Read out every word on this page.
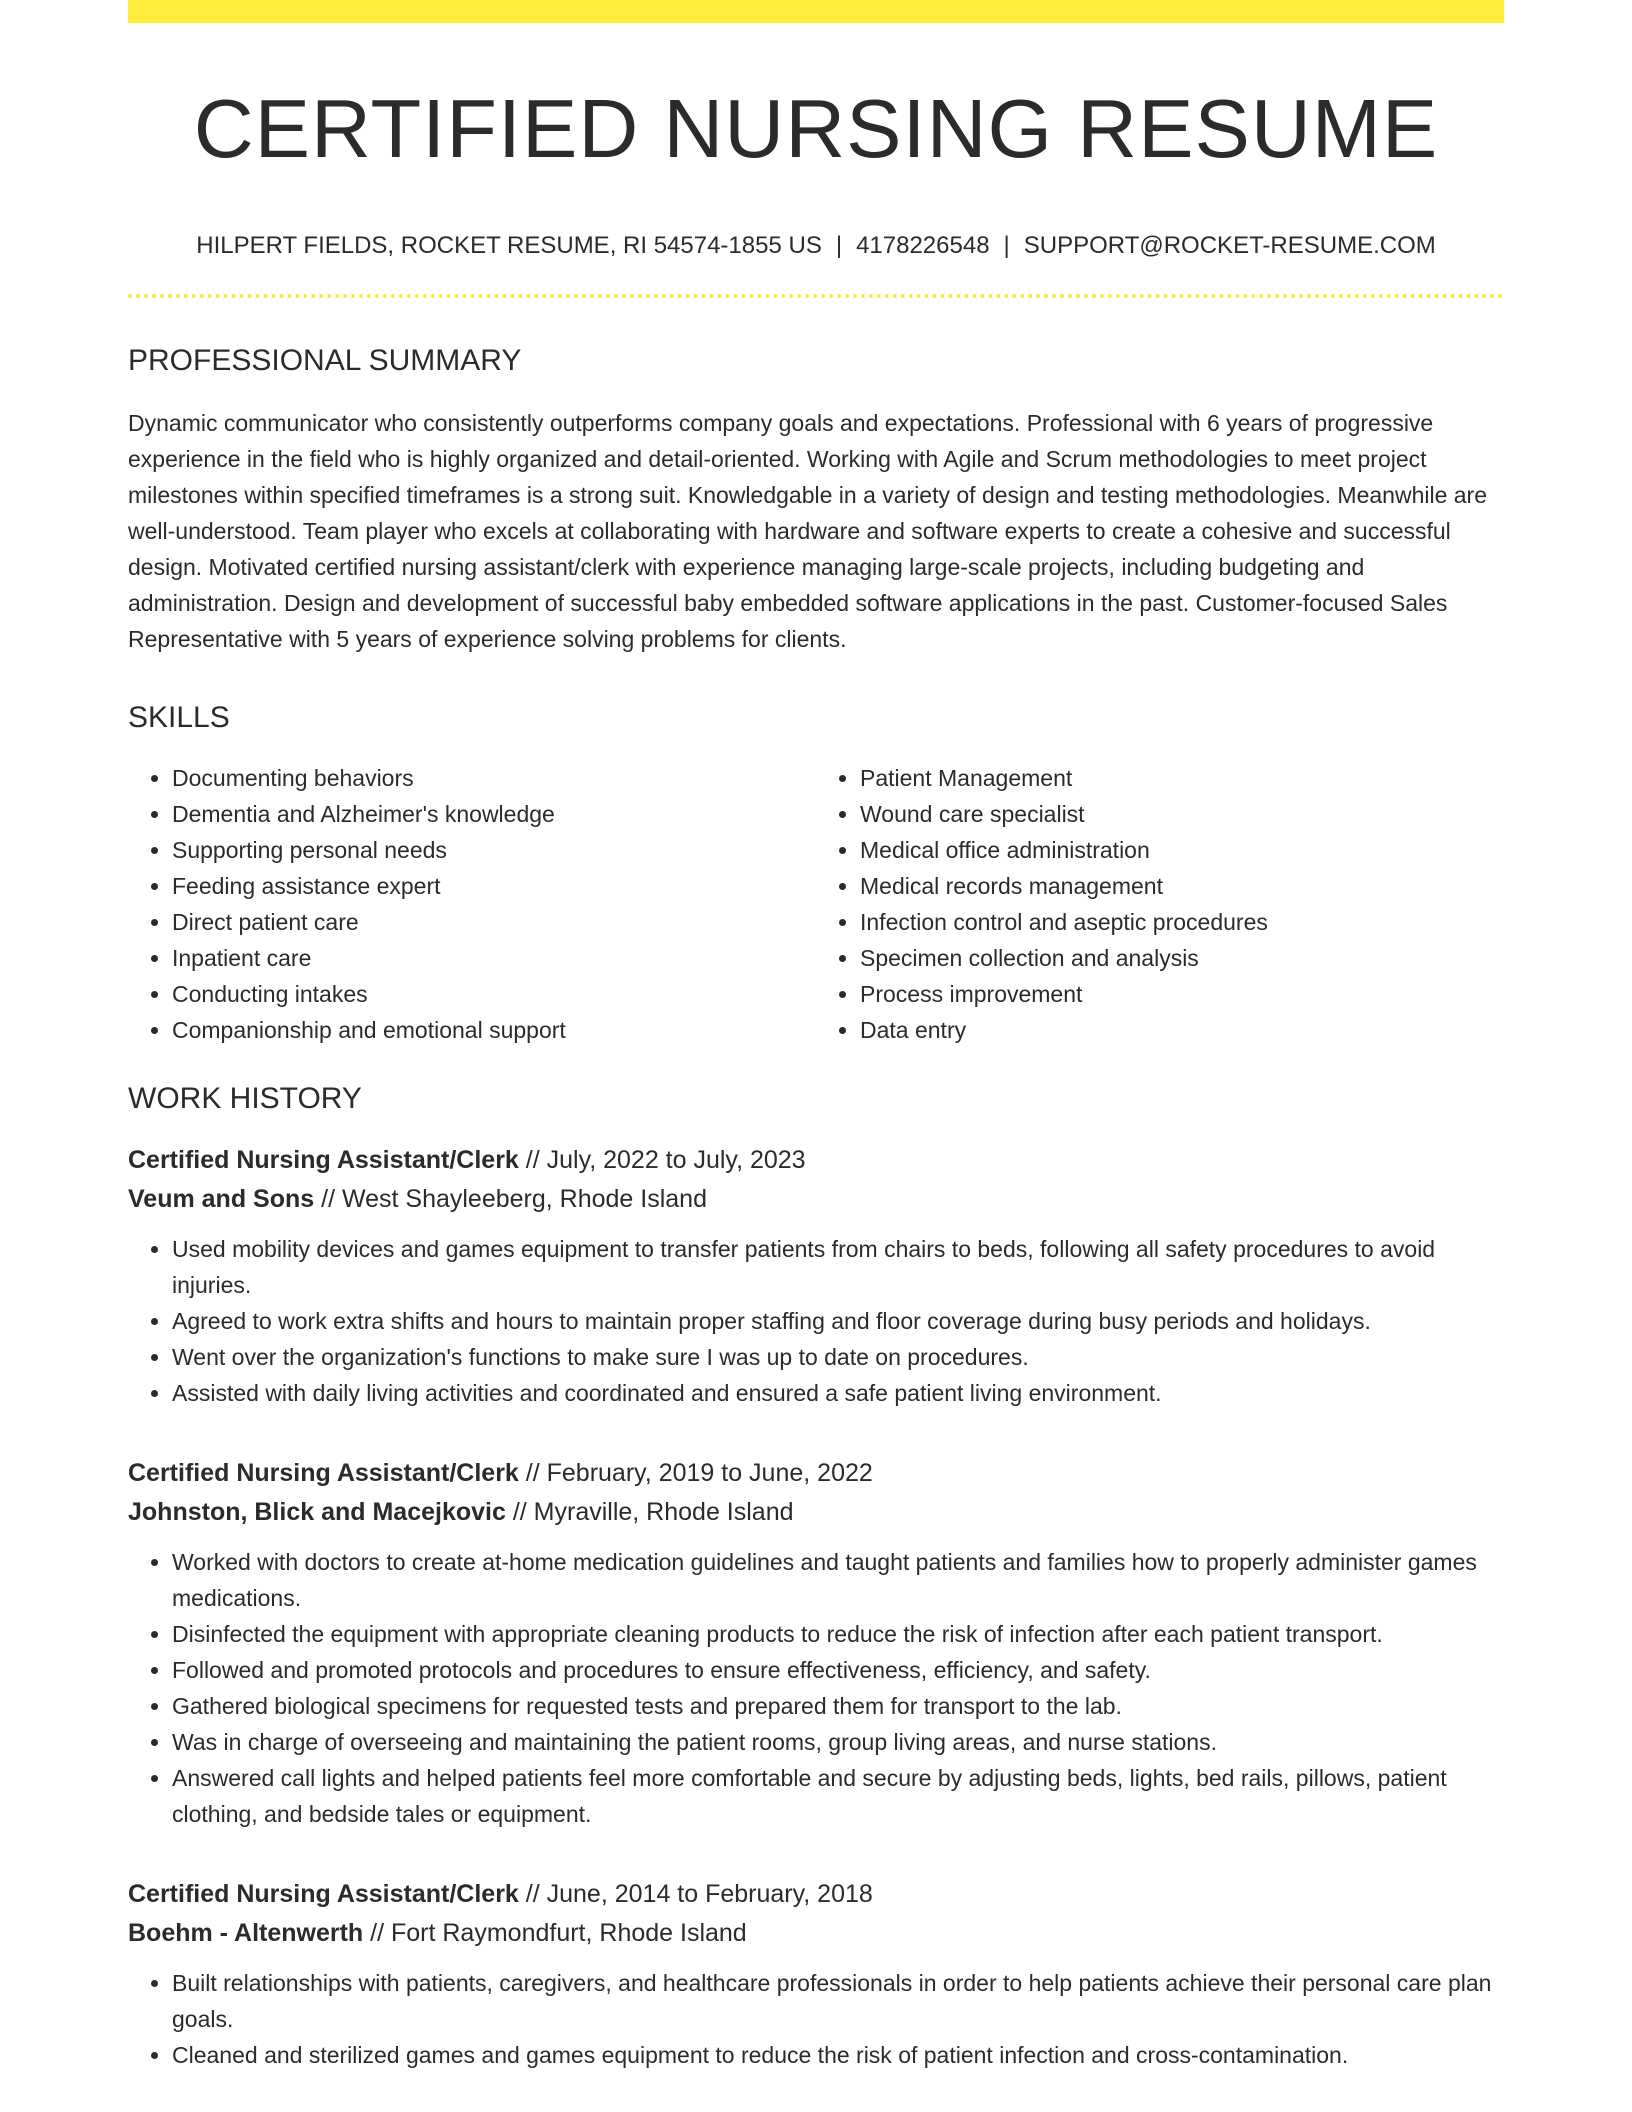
CERTIFIED NURSING RESUME
HILPERT FIELDS, ROCKET RESUME, RI 54574-1855 US | 4178226548 | SUPPORT@ROCKET-RESUME.COM
PROFESSIONAL SUMMARY

Dynamic communicator who consistently outperforms company goals and expectations. Professional with 6 years of progressive experience in the field who is highly organized and detail-oriented. Working with Agile and Scrum methodologies to meet project milestones within specified timeframes is a strong suit. Knowledgable in a variety of design and testing methodologies. Meanwhile are well-understood. Team player who excels at collaborating with hardware and software experts to create a cohesive and successful design. Motivated certified nursing assistant/clerk with experience managing large-scale projects, including budgeting and administration. Design and development of successful baby embedded software applications in the past. Customer-focused Sales Representative with 5 years of experience solving problems for clients.

SKILLS
• Documenting behaviors
• Dementia and Alzheimer's knowledge
• Supporting personal needs
• Feeding assistance expert
• Direct patient care
• Inpatient care
• Conducting intakes
• Companionship and emotional support
• Patient Management
• Wound care specialist
• Medical office administration
• Medical records management
• Infection control and aseptic procedures
• Specimen collection and analysis
• Process improvement
• Data entry
WORK HISTORY
Certified Nursing Assistant/Clerk // July, 2022 to July, 2023
Veum and Sons // West Shayleeberg, Rhode Island
• Used mobility devices and games equipment to transfer patients from chairs to beds, following all safety procedures to avoid injuries.
• Agreed to work extra shifts and hours to maintain proper staffing and floor coverage during busy periods and holidays.
• Went over the organization's functions to make sure I was up to date on procedures.
• Assisted with daily living activities and coordinated and ensured a safe patient living environment.
Certified Nursing Assistant/Clerk // February, 2019 to June, 2022
Johnston, Blick and Macejkovic // Myraville, Rhode Island
• Worked with doctors to create at-home medication guidelines and taught patients and families how to properly administer games medications.
• Disinfected the equipment with appropriate cleaning products to reduce the risk of infection after each patient transport.
• Followed and promoted protocols and procedures to ensure effectiveness, efficiency, and safety.
• Gathered biological specimens for requested tests and prepared them for transport to the lab.
• Was in charge of overseeing and maintaining the patient rooms, group living areas, and nurse stations.
• Answered call lights and helped patients feel more comfortable and secure by adjusting beds, lights, bed rails, pillows, patient clothing, and bedside tales or equipment.
Certified Nursing Assistant/Clerk // June, 2014 to February, 2018
Boehm - Altenwerth // Fort Raymondfurt, Rhode Island
• Built relationships with patients, caregivers, and healthcare professionals in order to help patients achieve their personal care plan goals.
• Cleaned and sterilized games and games equipment to reduce the risk of patient infection and cross-contamination.
